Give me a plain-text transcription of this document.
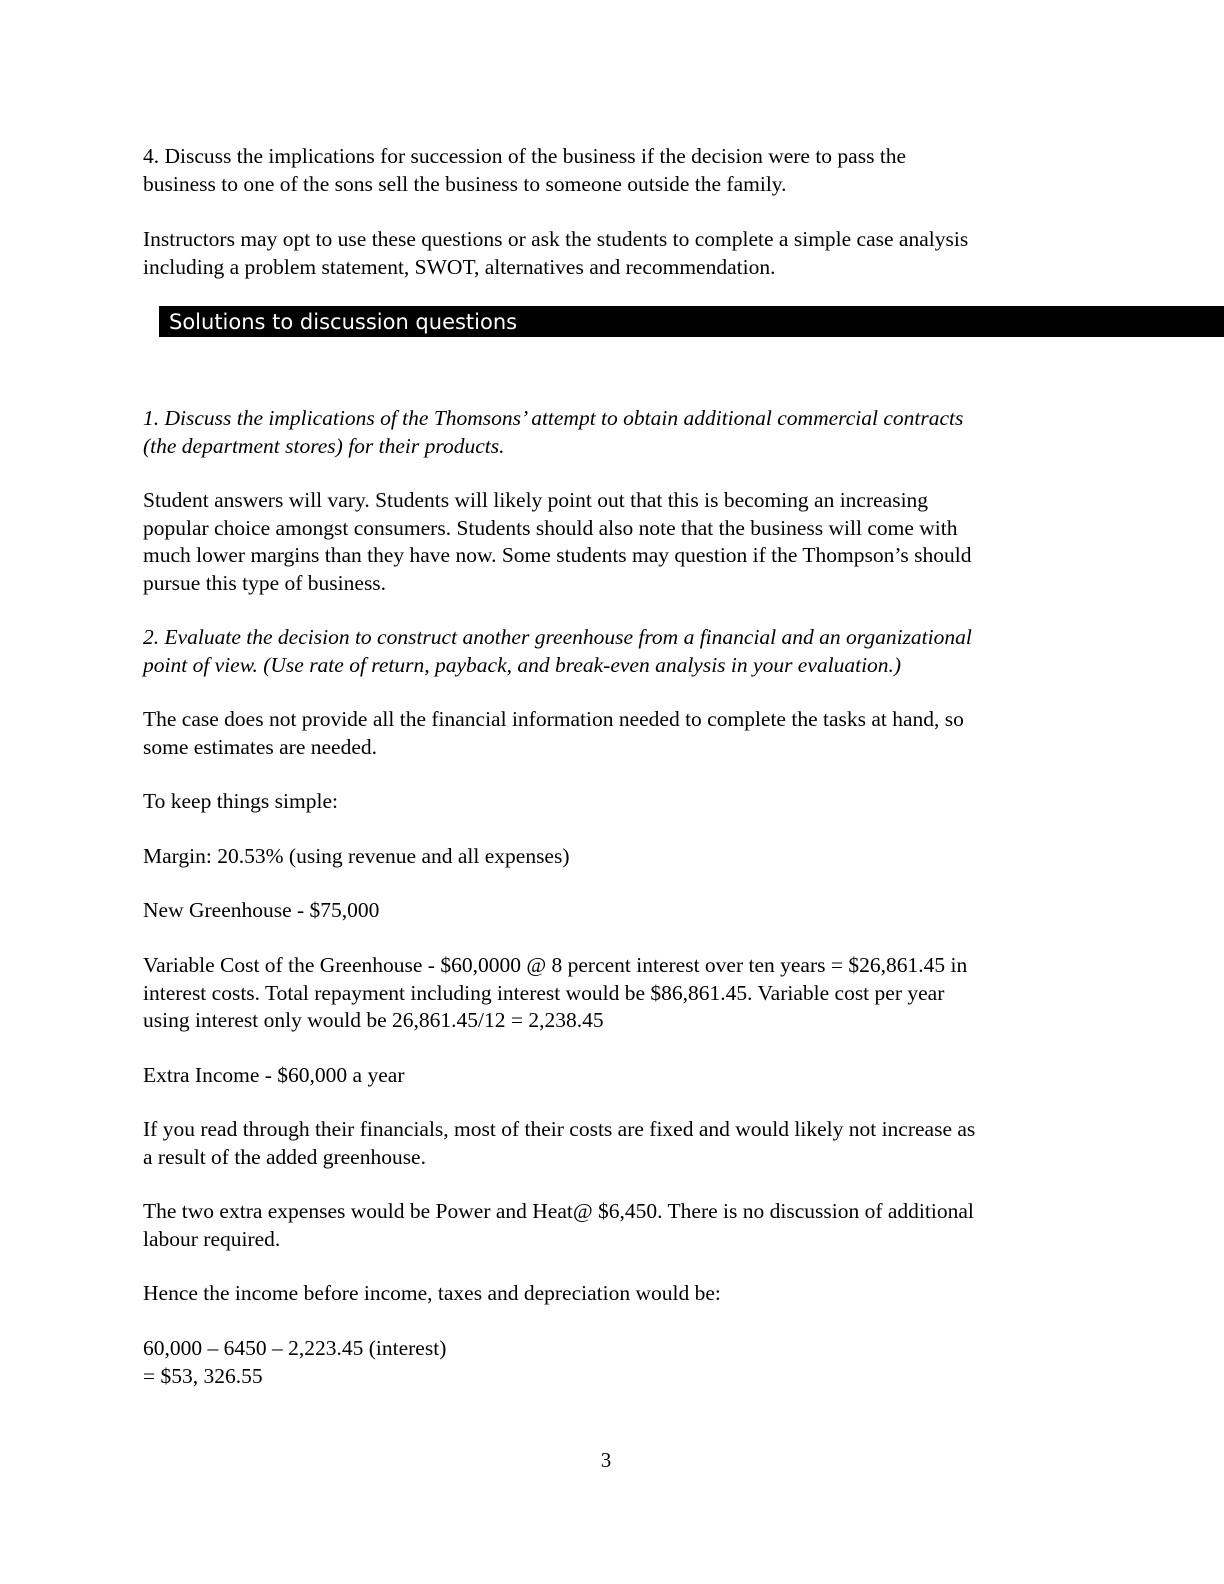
4. Discuss the implications for succession of the business if the decision were to pass the
business to one of the sons sell the business to someone outside the family.

Instructors may opt to use these questions or ask the students to complete a simple case analysis
including a problem statement, SWOT, alternatives and recommendation.

Solutions to discussion questions

1. Discuss the implications of the Thomsons’ attempt to obtain additional commercial contracts
(the department stores) for their products.

Student answers will vary. Students will likely point out that this is becoming an increasing
popular choice amongst consumers. Students should also note that the business will come with
much lower margins than they have now. Some students may question if the Thompson’s should
pursue this type of business.

2. Evaluate the decision to construct another greenhouse from a financial and an organizational
point of view. (Use rate of return, payback, and break-even analysis in your evaluation.)

The case does not provide all the financial information needed to complete the tasks at hand, so
some estimates are needed.

To keep things simple:

Margin: 20.53% (using revenue and all expenses)

New Greenhouse - $75,000

Variable Cost of the Greenhouse - $60,0000 @ 8 percent interest over ten years = $26,861.45 in
interest costs. Total repayment including interest would be $86,861.45. Variable cost per year
using interest only would be 26,861.45/12 = 2,238.45

Extra Income - $60,000 a year

If you read through their financials, most of their costs are fixed and would likely not increase as
a result of the added greenhouse.

The two extra expenses would be Power and Heat@ $6,450. There is no discussion of additional
labour required.

Hence the income before income, taxes and depreciation would be:

60,000 – 6450 – 2,223.45 (interest)
= $53, 326.55

3
